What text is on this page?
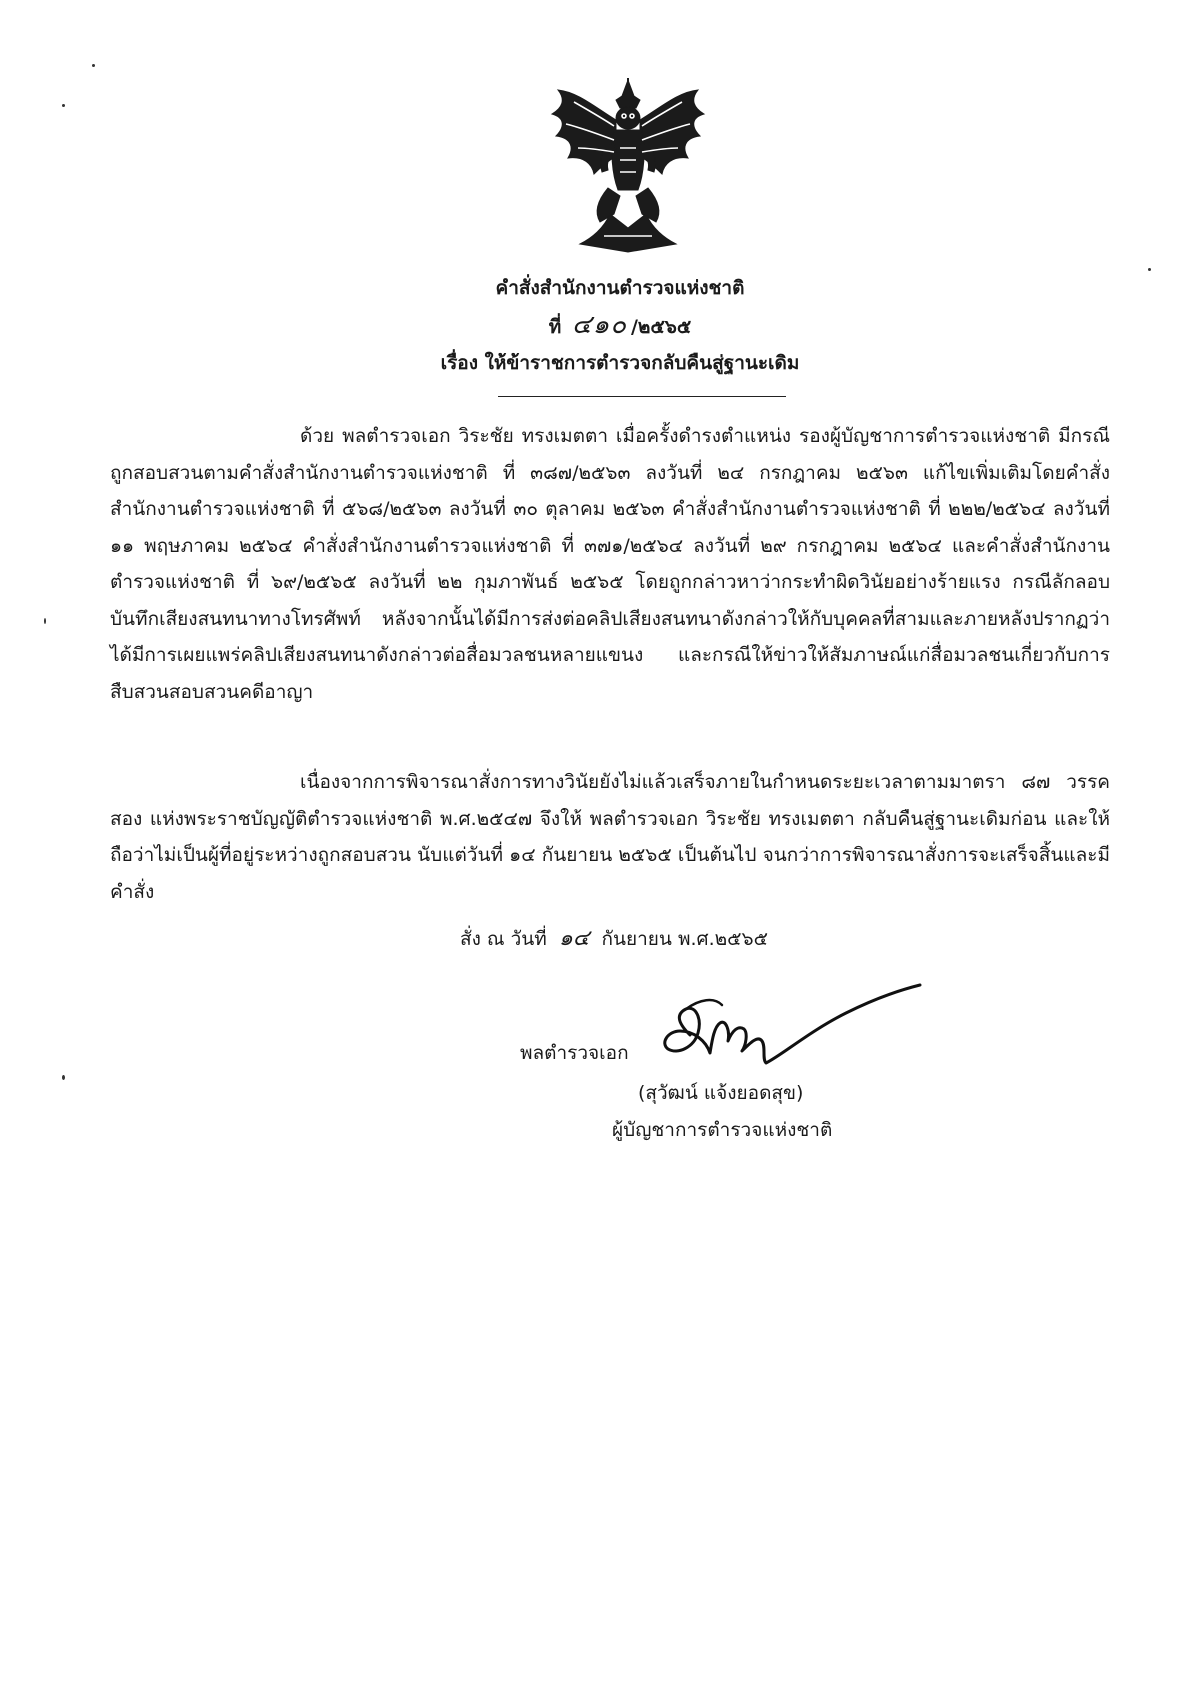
คำสั่งสำนักงานตำรวจแห่งชาติ
ที่ ๔๑๐ /๒๕๖๕
เรื่อง ให้ข้าราชการตำรวจกลับคืนสู่ฐานะเดิม

ด้วย พลตำรวจเอก วิระชัย ทรงเมตตา เมื่อครั้งดำรงตำแหน่ง รองผู้บัญชาการตำรวจแห่งชาติ มีกรณีถูกสอบสวนตามคำสั่งสำนักงานตำรวจแห่งชาติ ที่ ๓๘๗/๒๕๖๓ ลงวันที่ ๒๔ กรกฎาคม ๒๕๖๓ แก้ไขเพิ่มเติมโดยคำสั่งสำนักงานตำรวจแห่งชาติ ที่ ๕๖๘/๒๕๖๓ ลงวันที่ ๓๐ ตุลาคม ๒๕๖๓ คำสั่งสำนักงานตำรวจแห่งชาติ ที่ ๒๒๒/๒๕๖๔ ลงวันที่ ๑๑ พฤษภาคม ๒๕๖๔ คำสั่งสำนักงานตำรวจแห่งชาติ ที่ ๓๗๑/๒๕๖๔ ลงวันที่ ๒๙ กรกฎาคม ๒๕๖๔ และคำสั่งสำนักงานตำรวจแห่งชาติ ที่ ๖๙/๒๕๖๕ ลงวันที่ ๒๒ กุมภาพันธ์ ๒๕๖๕ โดยถูกกล่าวหาว่ากระทำผิดวินัยอย่างร้ายแรง กรณีลักลอบบันทึกเสียงสนทนาทางโทรศัพท์ หลังจากนั้นได้มีการส่งต่อคลิปเสียงสนทนาดังกล่าวให้กับบุคคลที่สามและภายหลังปรากฏว่าได้มีการเผยแพร่คลิปเสียงสนทนาดังกล่าวต่อสื่อมวลชนหลายแขนง และกรณีให้ข่าวให้สัมภาษณ์แก่สื่อมวลชนเกี่ยวกับการสืบสวนสอบสวนคดีอาญา

เนื่องจากการพิจารณาสั่งการทางวินัยยังไม่แล้วเสร็จภายในกำหนดระยะเวลาตามมาตรา ๘๗ วรรคสอง แห่งพระราชบัญญัติตำรวจแห่งชาติ พ.ศ.๒๕๔๗ จึงให้ พลตำรวจเอก วิระชัย ทรงเมตตา กลับคืนสู่ฐานะเดิมก่อน และให้ถือว่าไม่เป็นผู้ที่อยู่ระหว่างถูกสอบสวน นับแต่วันที่ ๑๔ กันยายน ๒๕๖๕ เป็นต้นไป จนกว่าการพิจารณาสั่งการจะเสร็จสิ้นและมีคำสั่ง

สั่ง ณ วันที่ ๑๔ กันยายน พ.ศ.๒๕๖๕
พลตำรวจเอก
(สุวัฒน์ แจ้งยอดสุข)
ผู้บัญชาการตำรวจแห่งชาติ
